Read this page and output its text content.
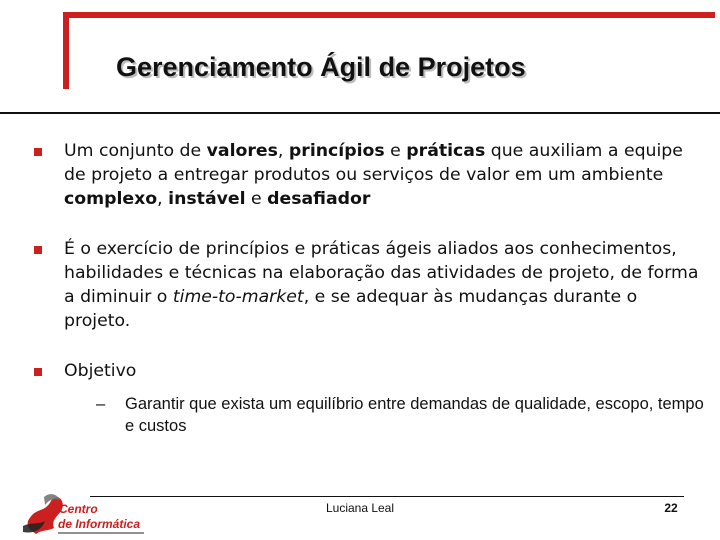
Gerenciamento Ágil de Projetos
Um conjunto de valores, princípios e práticas que auxiliam a equipe de projeto a entregar produtos ou serviços de valor em um ambiente complexo, instável e desafiador
É o exercício de princípios e práticas ágeis aliados aos conhecimentos, habilidades e técnicas na elaboração das atividades de projeto, de forma a diminuir o time-to-market, e se adequar às mudanças durante o projeto.
Objetivo
– Garantir que exista um equilíbrio entre demandas de qualidade, escopo, tempo e custos
Centro
de Informática
Luciana Leal	22
